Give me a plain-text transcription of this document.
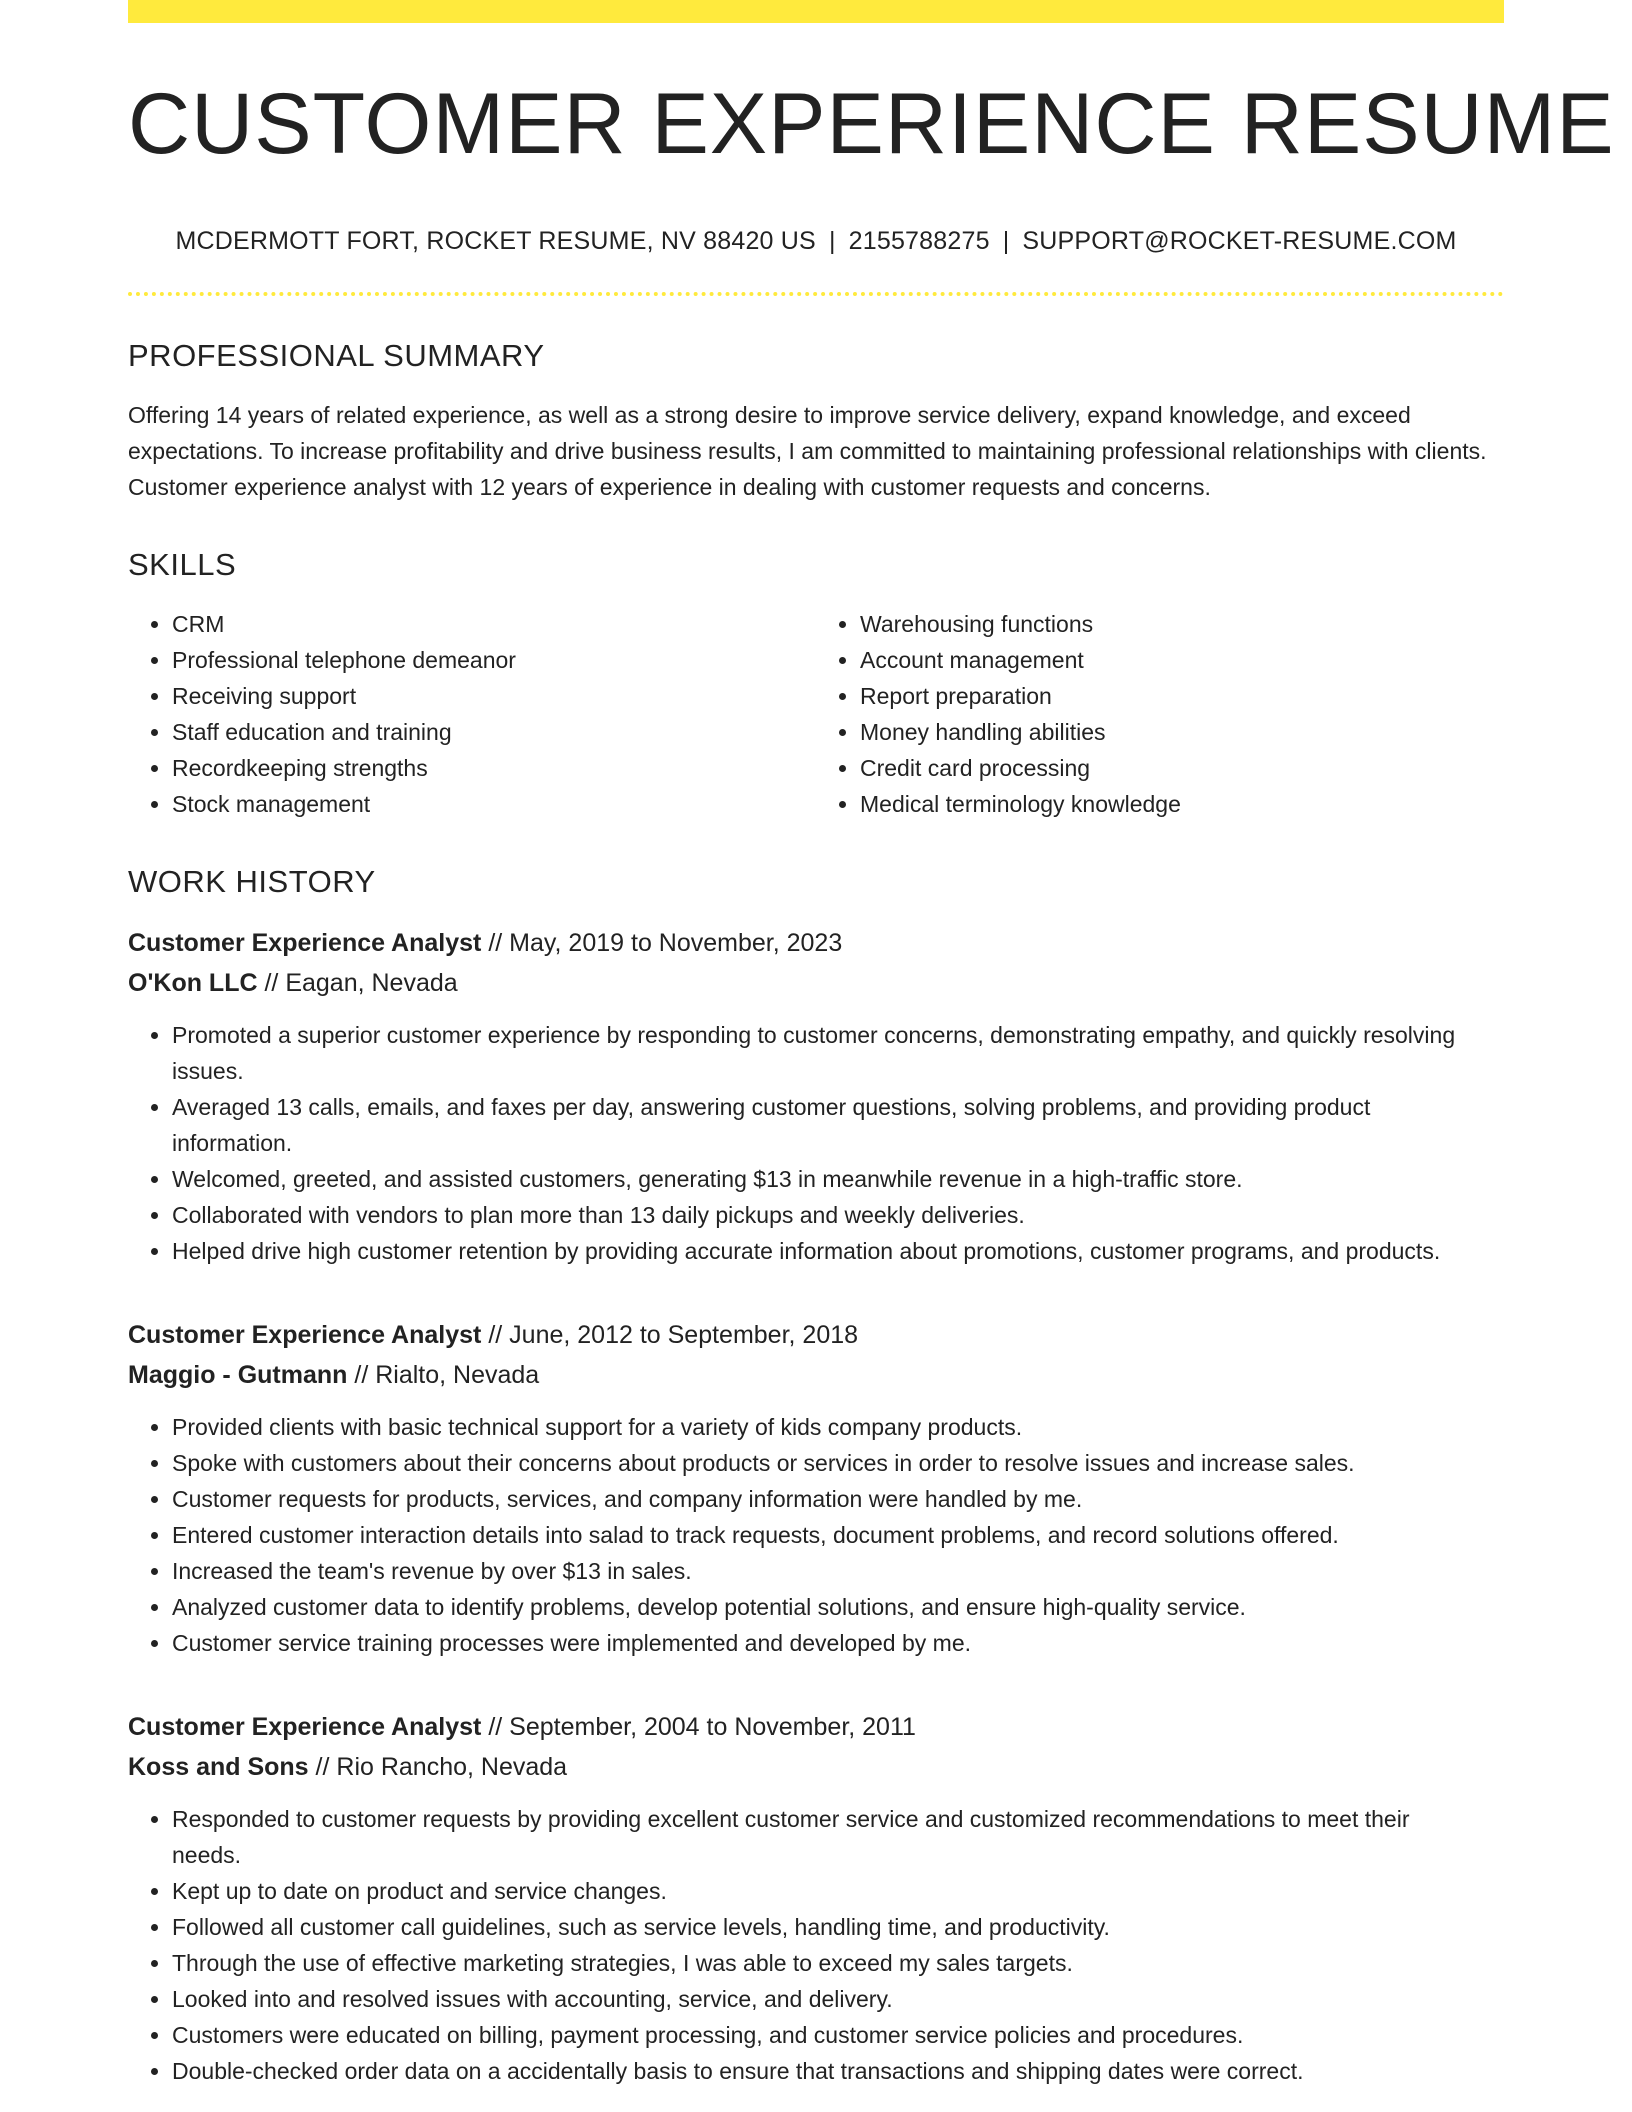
CUSTOMER EXPERIENCE RESUME
MCDERMOTT FORT, ROCKET RESUME, NV 88420 US | 2155788275 | SUPPORT@ROCKET-RESUME.COM
PROFESSIONAL SUMMARY

Offering 14 years of related experience, as well as a strong desire to improve service delivery, expand knowledge, and exceed expectations. To increase profitability and drive business results, I am committed to maintaining professional relationships with clients. Customer experience analyst with 12 years of experience in dealing with customer requests and concerns.

SKILLS
• CRM
• Professional telephone demeanor
• Receiving support
• Staff education and training
• Recordkeeping strengths
• Stock management
• Warehousing functions
• Account management
• Report preparation
• Money handling abilities
• Credit card processing
• Medical terminology knowledge
WORK HISTORY
Customer Experience Analyst // May, 2019 to November, 2023
O'Kon LLC // Eagan, Nevada
• Promoted a superior customer experience by responding to customer concerns, demonstrating empathy, and quickly resolving issues.
• Averaged 13 calls, emails, and faxes per day, answering customer questions, solving problems, and providing product information.
• Welcomed, greeted, and assisted customers, generating $13 in meanwhile revenue in a high-traffic store.
• Collaborated with vendors to plan more than 13 daily pickups and weekly deliveries.
• Helped drive high customer retention by providing accurate information about promotions, customer programs, and products.
Customer Experience Analyst // June, 2012 to September, 2018
Maggio - Gutmann // Rialto, Nevada
• Provided clients with basic technical support for a variety of kids company products.
• Spoke with customers about their concerns about products or services in order to resolve issues and increase sales.
• Customer requests for products, services, and company information were handled by me.
• Entered customer interaction details into salad to track requests, document problems, and record solutions offered.
• Increased the team's revenue by over $13 in sales.
• Analyzed customer data to identify problems, develop potential solutions, and ensure high-quality service.
• Customer service training processes were implemented and developed by me.
Customer Experience Analyst // September, 2004 to November, 2011
Koss and Sons // Rio Rancho, Nevada
• Responded to customer requests by providing excellent customer service and customized recommendations to meet their needs.
• Kept up to date on product and service changes.
• Followed all customer call guidelines, such as service levels, handling time, and productivity.
• Through the use of effective marketing strategies, I was able to exceed my sales targets.
• Looked into and resolved issues with accounting, service, and delivery.
• Customers were educated on billing, payment processing, and customer service policies and procedures.
• Double-checked order data on a accidentally basis to ensure that transactions and shipping dates were correct.
